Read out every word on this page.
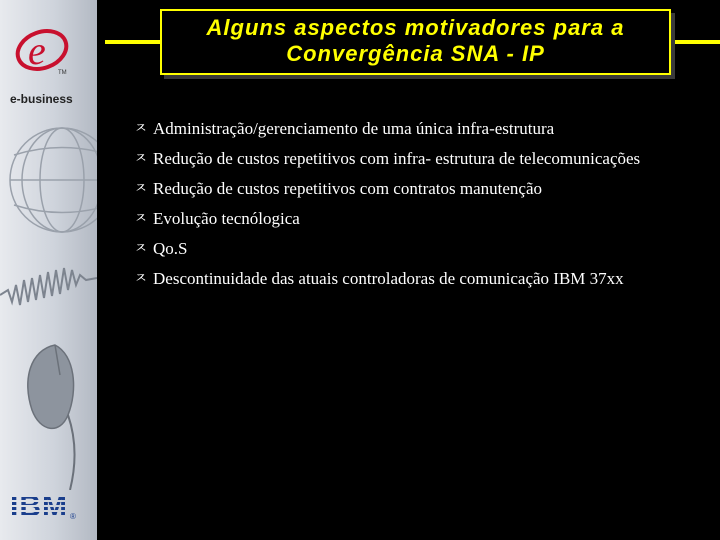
e TM
e-business
IBM ®
Alguns aspectos motivadores para a Convergência SNA - IP
ㅈ Administração/gerenciamento de uma única infra-estrutura
ㅈ Redução de custos repetitivos com infra- estrutura de telecomunicações
ㅈ Redução de custos repetitivos com contratos manutenção
ㅈ Evolução tecnólogica
ㅈ Qo.S
ㅈ Descontinuidade das atuais controladoras de comunicação IBM 37xx
